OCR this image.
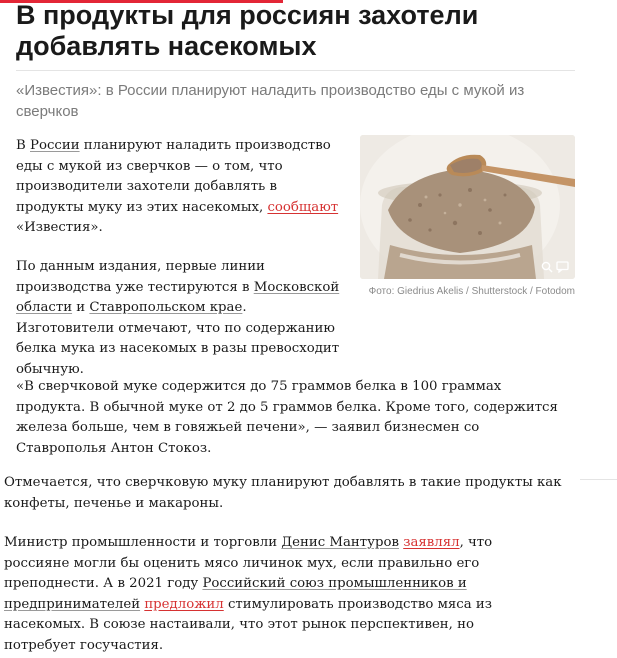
В продукты для россиян захотели добавлять насекомых

«Известия»: в России планируют наладить производство еды с мукой из сверчков

Фото: Giedrius Akelis / Shutterstock / Fotodom

В России планируют наладить производство еды с мукой из сверчков — о том, что производители захотели добавлять в продукты муку из этих насекомых, сообщают «Известия».

По данным издания, первые линии производства уже тестируются в Московской области и Ставропольском крае. Изготовители отмечают, что по содержанию белка мука из насекомых в разы превосходит обычную.

«В сверчковой муке содержится до 75 граммов белка в 100 граммах продукта. В обычной муке от 2 до 5 граммов белка. Кроме того, содержится железа больше, чем в говяжьей печени», — заявил бизнесмен со Ставрополья Антон Стокоз.

Отмечается, что сверчковую муку планируют добавлять в такие продукты как конфеты, печенье и макароны.

Министр промышленности и торговли Денис Мантуров заявлял, что россияне могли бы оценить мясо личинок мух, если правильно его преподнести. А в 2021 году Российский союз промышленников и предпринимателей предложил стимулировать производство мяса из насекомых. В союзе настаивали, что этот рынок перспективен, но потребует госучастия.
